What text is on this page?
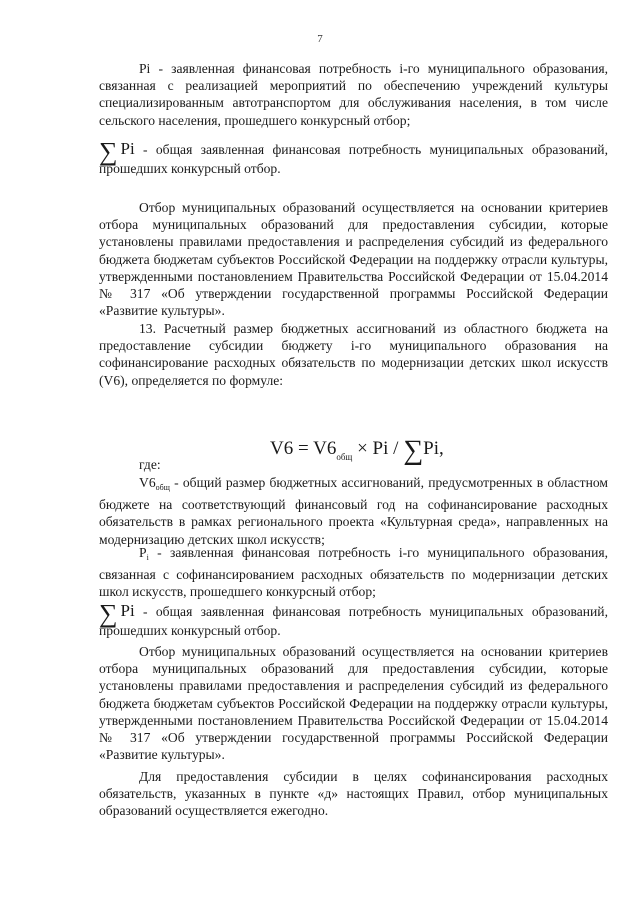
7
Pi - заявленная финансовая потребность i-го муниципального образования, связанная с реализацией мероприятий по обеспечению учреждений культуры специализированным автотранспортом для обслуживания населения, в том числе сельского населения, прошедшего конкурсный отбор;
∑ Pi - общая заявленная финансовая потребность муниципальных образований, прошедших конкурсный отбор.
Отбор муниципальных образований осуществляется на основании критериев отбора муниципальных образований для предоставления субсидии, которые установлены правилами предоставления и распределения субсидий из федерального бюджета бюджетам субъектов Российской Федерации на поддержку отрасли культуры, утвержденными постановлением Правительства Российской Федерации от 15.04.2014 № 317 «Об утверждении государственной программы Российской Федерации «Развитие культуры».
13. Расчетный размер бюджетных ассигнований из областного бюджета на предоставление субсидии бюджету i-го муниципального образования на софинансирование расходных обязательств по модернизации детских школ искусств (V6), определяется по формуле:
$V6 = V6_{общ} \times Pi / \sum Pi$,
где:
$V6_{общ}$ - общий размер бюджетных ассигнований, предусмотренных в областном бюджете на соответствующий финансовый год на софинансирование расходных обязательств в рамках регионального проекта «Культурная среда», направленных на модернизацию детских школ искусств;
$P_i$ - заявленная финансовая потребность i-го муниципального образования, связанная с софинансированием расходных обязательств по модернизации детских школ искусств, прошедшего конкурсный отбор;
∑ Pi - общая заявленная финансовая потребность муниципальных образований, прошедших конкурсный отбор.
Отбор муниципальных образований осуществляется на основании критериев отбора муниципальных образований для предоставления субсидии, которые установлены правилами предоставления и распределения субсидий из федерального бюджета бюджетам субъектов Российской Федерации на поддержку отрасли культуры, утвержденными постановлением Правительства Российской Федерации от 15.04.2014 № 317 «Об утверждении государственной программы Российской Федерации «Развитие культуры».
Для предоставления субсидии в целях софинансирования расходных обязательств, указанных в пункте «д» настоящих Правил, отбор муниципальных образований осуществляется ежегодно.
